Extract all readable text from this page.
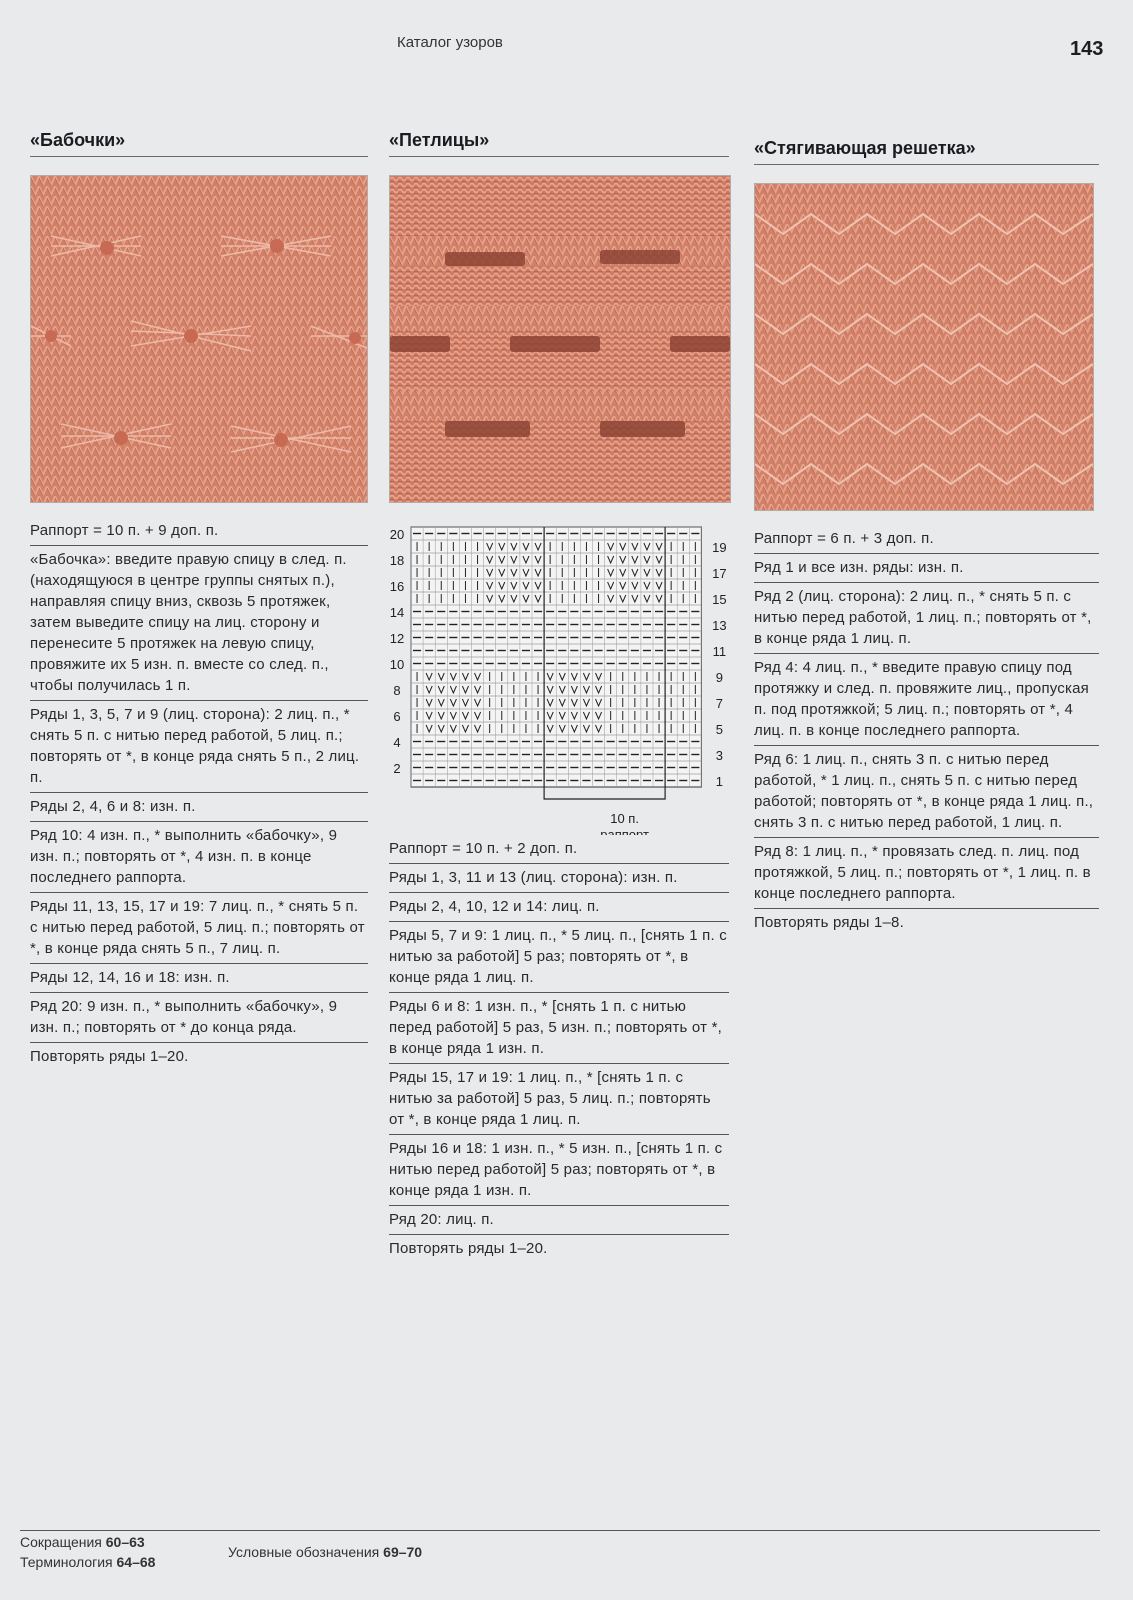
Каталог узоров	143
«Бабочки»
Раппорт = 10 п. + 9 доп. п.
«Бабочка»: введите правую спицу в след. п. (находящуюся в центре группы снятых п.), направляя спицу вниз, сквозь 5 протяжек, затем выведите спицу на лиц. сторону и перенесите 5 протяжек на левую спицу, провяжите их 5 изн. п. вместе со след. п., чтобы получилась 1 п.
Ряды 1, 3, 5, 7 и 9 (лиц. сторона): 2 лиц. п., * снять 5 п. с нитью перед работой, 5 лиц. п.; повторять от *, в конце ряда снять 5 п., 2 лиц. п.
Ряды 2, 4, 6 и 8: изн. п.
Ряд 10: 4 изн. п., * выполнить «бабочку», 9 изн. п.; повторять от *, 4 изн. п. в конце последнего раппорта.
Ряды 11, 13, 15, 17 и 19: 7 лиц. п., * снять 5 п. с нитью перед работой, 5 лиц. п.; повторять от *, в конце ряда снять 5 п., 7 лиц. п.
Ряды 12, 14, 16 и 18: изн. п.
Ряд 20: 9 изн. п., * выполнить «бабочку», 9 изн. п.; повторять от * до конца ряда.
Повторять ряды 1–20.
«Петлицы»
20
18
16
14
12
10
8
6
4
2
19
17
15
13
11
9
7
5
3
1
10 п.
раппорт
Раппорт = 10 п. + 2 доп. п.
Ряды 1, 3, 11 и 13 (лиц. сторона): изн. п.
Ряды 2, 4, 10, 12 и 14: лиц. п.
Ряды 5, 7 и 9: 1 лиц. п., * 5 лиц. п., [снять 1 п. с нитью за работой] 5 раз; повторять от *, в конце ряда 1 лиц. п.
Ряды 6 и 8: 1 изн. п., * [снять 1 п. с нитью перед работой] 5 раз, 5 изн. п.; повторять от *, в конце ряда 1 изн. п.
Ряды 15, 17 и 19: 1 лиц. п., * [снять 1 п. с нитью за работой] 5 раз, 5 лиц. п.; повторять от *, в конце ряда 1 лиц. п.
Ряды 16 и 18: 1 изн. п., * 5 изн. п., [снять 1 п. с нитью перед работой] 5 раз; повторять от *, в конце ряда 1 изн. п.
Ряд 20: лиц. п.
Повторять ряды 1–20.
«Стягивающая решетка»
Раппорт = 6 п. + 3 доп. п.
Ряд 1 и все изн. ряды: изн. п.
Ряд 2 (лиц. сторона): 2 лиц. п., * снять 5 п. с нитью перед работой, 1 лиц. п.; повторять от *, в конце ряда 1 лиц. п.
Ряд 4: 4 лиц. п., * введите правую спицу под протяжку и след. п. провяжите лиц., пропуская п. под протяжкой; 5 лиц. п.; повторять от *, 4 лиц. п. в конце последнего раппорта.
Ряд 6: 1 лиц. п., снять 3 п. с нитью перед работой, * 1 лиц. п., снять 5 п. с нитью перед работой; повторять от *, в конце ряда 1 лиц. п., снять 3 п. с нитью перед работой, 1 лиц. п.
Ряд 8: 1 лиц. п., * провязать след. п. лиц. под протяжкой, 5 лиц. п.; повторять от *, 1 лиц. п. в конце последнего раппорта.
Повторять ряды 1–8.
Сокращения 60–63
Терминология 64–68
Условные обозначения 69–70
